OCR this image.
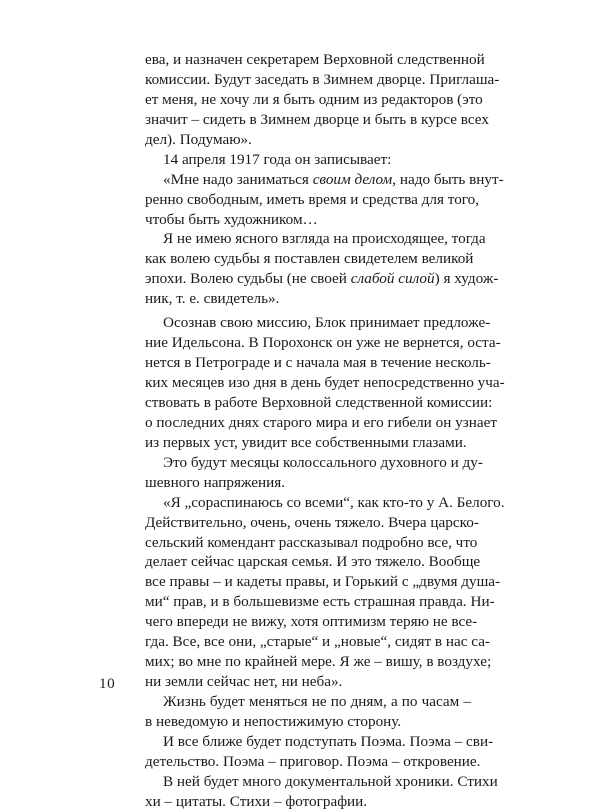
ева, и назначен секретарем Верховной следственной
комиссии. Будут заседать в Зимнем дворце. Приглаша-
ет меня, не хочу ли я быть одним из редакторов (это
значит – сидеть в Зимнем дворце и быть в курсе всех
дел). Подумаю».
14 апреля 1917 года он записывает:
«Мне надо заниматься своим делом, надо быть внут-
ренно свободным, иметь время и средства для того,
чтобы быть художником…
Я не имею ясного взгляда на происходящее, тогда
как волею судьбы я поставлен свидетелем великой
эпохи. Волею судьбы (не своей слабой силой) я худож-
ник, т. е. свидетель».
Осознав свою миссию, Блок принимает предложе-
ние Идельсона. В Порохонск он уже не вернется, оста-
нется в Петрограде и с начала мая в течение несколь-
ких месяцев изо дня в день будет непосредственно уча-
ствовать в работе Верховной следственной комиссии:
о последних днях старого мира и его гибели он узнает
из первых уст, увидит все собственными глазами.
Это будут месяцы колоссального духовного и ду-
шевного напряжения.
«Я „сораспинаюсь со всеми“, как кто-то у А. Белого.
Действительно, очень, очень тяжело. Вчера царско-
сельский комендант рассказывал подробно все, что
делает сейчас царская семья. И это тяжело. Вообще
все правы – и кадеты правы, и Горький с „двумя душа-
ми“ прав, и в большевизме есть страшная правда. Ни-
чего впереди не вижу, хотя оптимизм теряю не все-
гда. Все, все они, „старые“ и „новые“, сидят в нас са-
мих; во мне по крайней мере. Я же – вишу, в воздухе;
ни земли сейчас нет, ни неба».
Жизнь будет меняться не по дням, а по часам –
в неведомую и непостижимую сторону.
И все ближе будет подступать Поэма. Поэма – сви-
детельство. Поэма – приговор. Поэма – откровение.
В ней будет много документальной хроники. Стихи
хи – цитаты. Стихи – фотографии.
10
